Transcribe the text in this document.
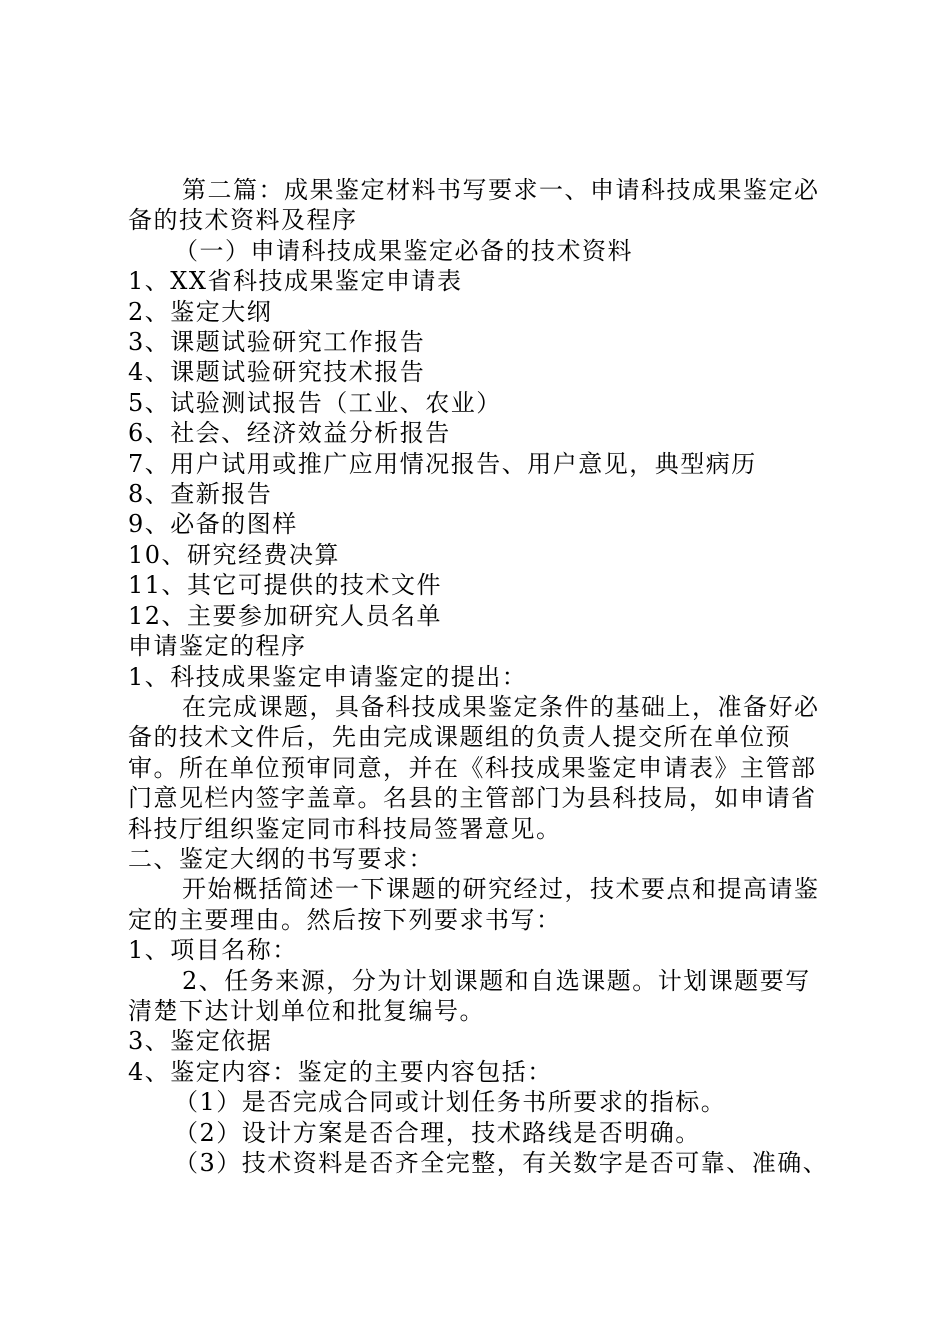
第二篇：成果鉴定材料书写要求一、申请科技成果鉴定必备的技术资料及程序

（一）申请科技成果鉴定必备的技术资料

1、XX省科技成果鉴定申请表

2、鉴定大纲

3、课题试验研究工作报告

4、课题试验研究技术报告

5、试验测试报告（工业、农业）

6、社会、经济效益分析报告

7、用户试用或推广应用情况报告、用户意见，典型病历

8、查新报告

9、必备的图样

10、研究经费决算

11、其它可提供的技术文件

12、主要参加研究人员名单

申请鉴定的程序

1、科技成果鉴定申请鉴定的提出：

在完成课题，具备科技成果鉴定条件的基础上，准备好必备的技术文件后，先由完成课题组的负责人提交所在单位预审。所在单位预审同意，并在《科技成果鉴定申请表》主管部门意见栏内签字盖章。名县的主管部门为县科技局，如申请省科技厅组织鉴定同市科技局签署意见。

二、鉴定大纲的书写要求：

开始概括简述一下课题的研究经过，技术要点和提高请鉴定的主要理由。然后按下列要求书写：

1、项目名称：

2、任务来源，分为计划课题和自选课题。计划课题要写清楚下达计划单位和批复编号。

3、鉴定依据

4、鉴定内容：鉴定的主要内容包括：

（1）是否完成合同或计划任务书所要求的指标。

（2）设计方案是否合理，技术路线是否明确。

（3）技术资料是否齐全完整，有关数字是否可靠、准确、
